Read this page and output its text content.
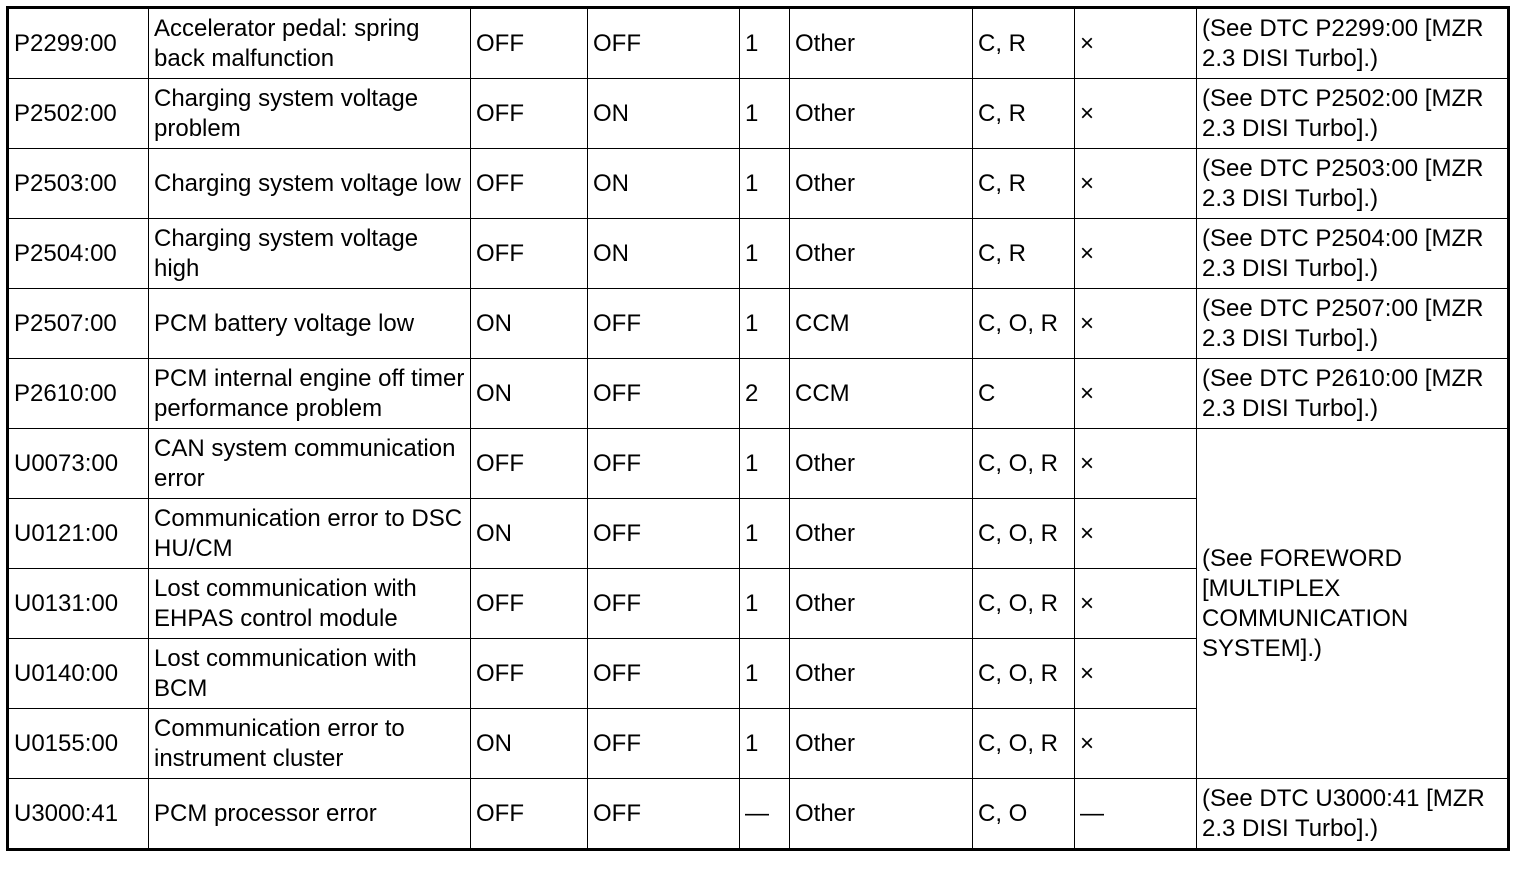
P2299:00	Accelerator pedal: spring back malfunction	OFF	OFF	1	Other	C, R	×	(See DTC P2299:00 [MZR 2.3 DISI Turbo].)
P2502:00	Charging system voltage problem	OFF	ON	1	Other	C, R	×	(See DTC P2502:00 [MZR 2.3 DISI Turbo].)
P2503:00	Charging system voltage low	OFF	ON	1	Other	C, R	×	(See DTC P2503:00 [MZR 2.3 DISI Turbo].)
P2504:00	Charging system voltage high	OFF	ON	1	Other	C, R	×	(See DTC P2504:00 [MZR 2.3 DISI Turbo].)
P2507:00	PCM battery voltage low	ON	OFF	1	CCM	C, O, R	×	(See DTC P2507:00 [MZR 2.3 DISI Turbo].)
P2610:00	PCM internal engine off timer performance problem	ON	OFF	2	CCM	C	×	(See DTC P2610:00 [MZR 2.3 DISI Turbo].)
U0073:00	CAN system communication error	OFF	OFF	1	Other	C, O, R	×	(See FOREWORD [MULTIPLEX COMMUNICATION SYSTEM].)
U0121:00	Communication error to DSC HU/CM	ON	OFF	1	Other	C, O, R	×	
U0131:00	Lost communication with EHPAS control module	OFF	OFF	1	Other	C, O, R	×	
U0140:00	Lost communication with BCM	OFF	OFF	1	Other	C, O, R	×	
U0155:00	Communication error to instrument cluster	ON	OFF	1	Other	C, O, R	×	
U3000:41	PCM processor error	OFF	OFF	—	Other	C, O	—	(See DTC U3000:41 [MZR 2.3 DISI Turbo].)
